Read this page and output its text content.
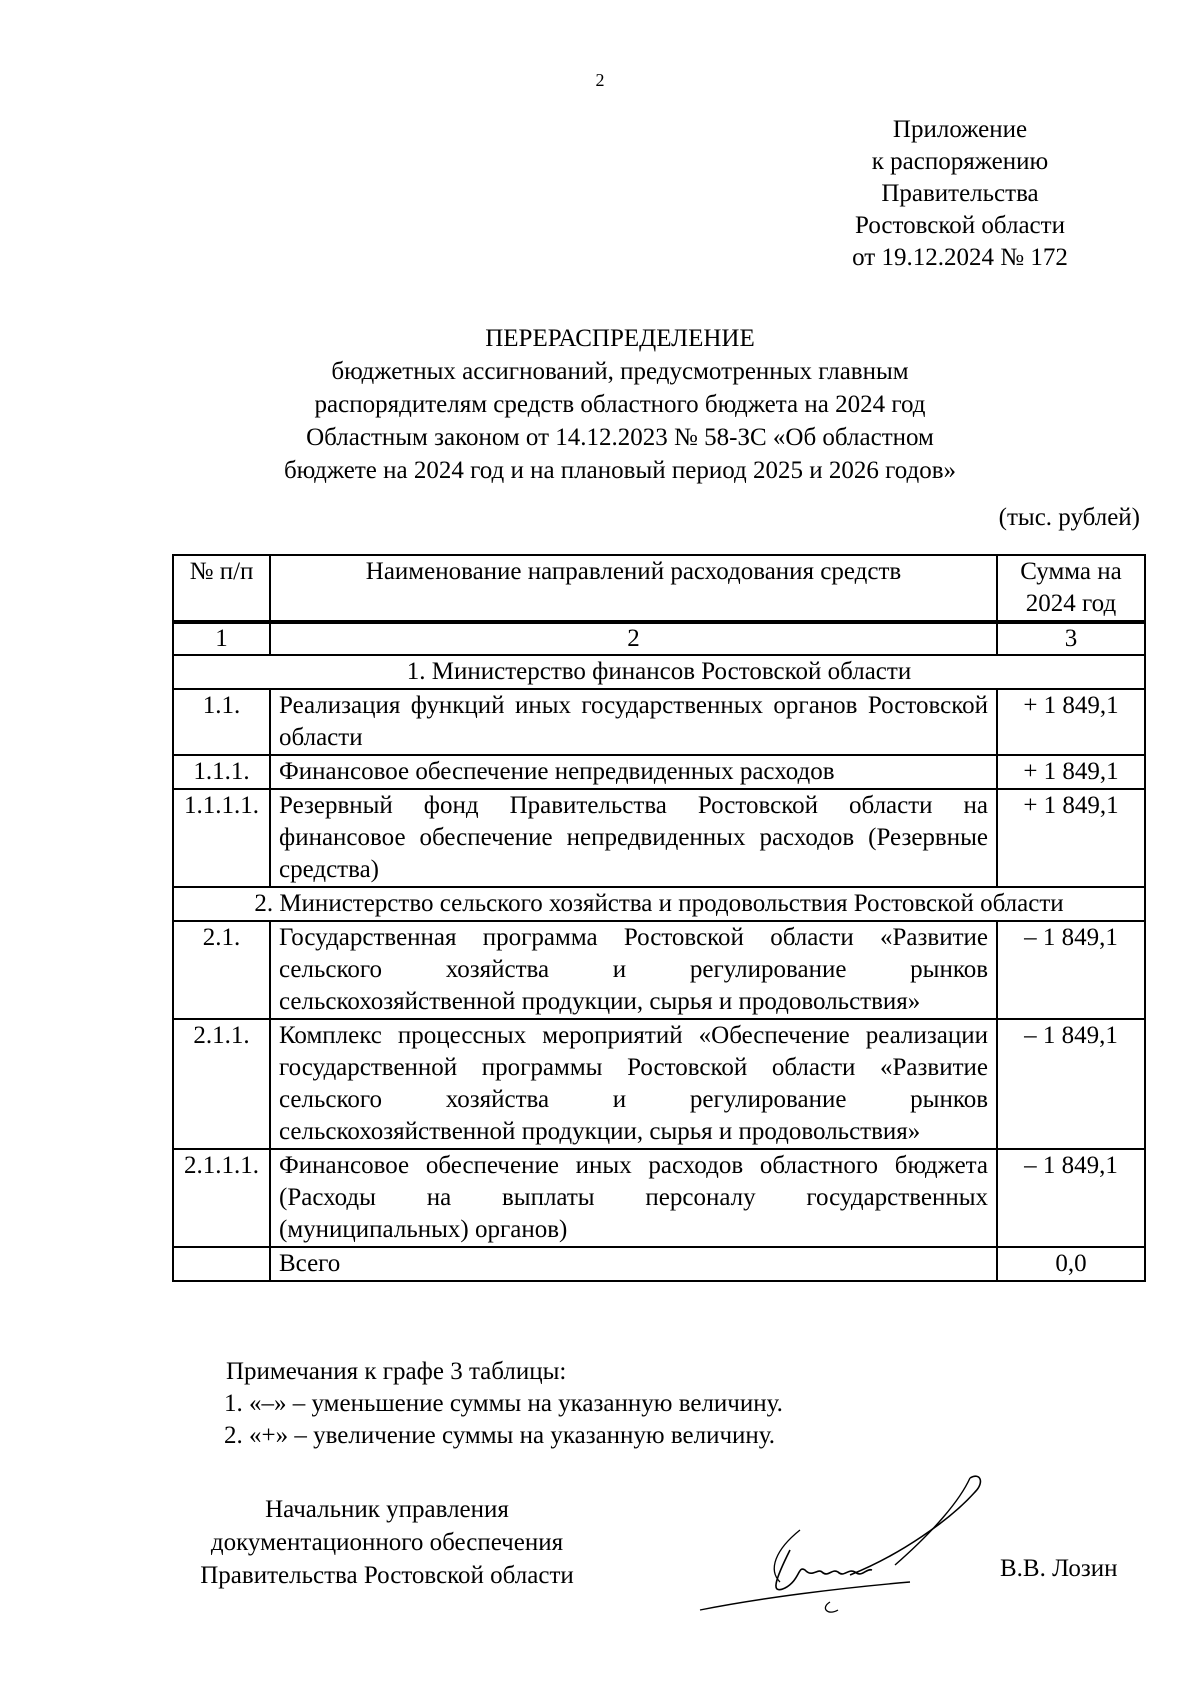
2
Приложение
к распоряжению
Правительства
Ростовской области
от 19.12.2024 № 172
ПЕРЕРАСПРЕДЕЛЕНИЕ
бюджетных ассигнований, предусмотренных главным
распорядителям средств областного бюджета на 2024 год
Областным законом от 14.12.2023 № 58-ЗС «Об областном
бюджете на 2024 год и на плановый период 2025 и 2026 годов»
(тыс. рублей)
№ п/п	Наименование направлений расходования средств	Сумма на 2024 год
1	2	3
1. Министерство финансов Ростовской области		
1.1.	Реализация функций иных государственных органов Ростовской области	+ 1 849,1
1.1.1.	Финансовое обеспечение непредвиденных расходов	+ 1 849,1
1.1.1.1.	Резервный фонд Правительства Ростовской области на финансовое обеспечение непредвиденных расходов (Резервные средства)	+ 1 849,1
2. Министерство сельского хозяйства и продовольствия Ростовской области		
2.1.	Государственная программа Ростовской области «Развитие сельского хозяйства и регулирование рынков сельскохозяйственной продукции, сырья и продовольствия»	– 1 849,1
2.1.1.	Комплекс процессных мероприятий «Обеспечение реализации государственной программы Ростовской области «Развитие сельского хозяйства и регулирование рынков сельскохозяйственной продукции, сырья и продовольствия»	– 1 849,1
2.1.1.1.	Финансовое обеспечение иных расходов областного бюджета (Расходы на выплаты персоналу государственных (муниципальных) органов)	– 1 849,1
	Всего	0,0
Примечания к графе 3 таблицы:
1. «–» – уменьшение суммы на указанную величину.
2. «+» – увеличение суммы на указанную величину.
Начальник управления
документационного обеспечения
Правительства Ростовской области	В.В. Лозин
